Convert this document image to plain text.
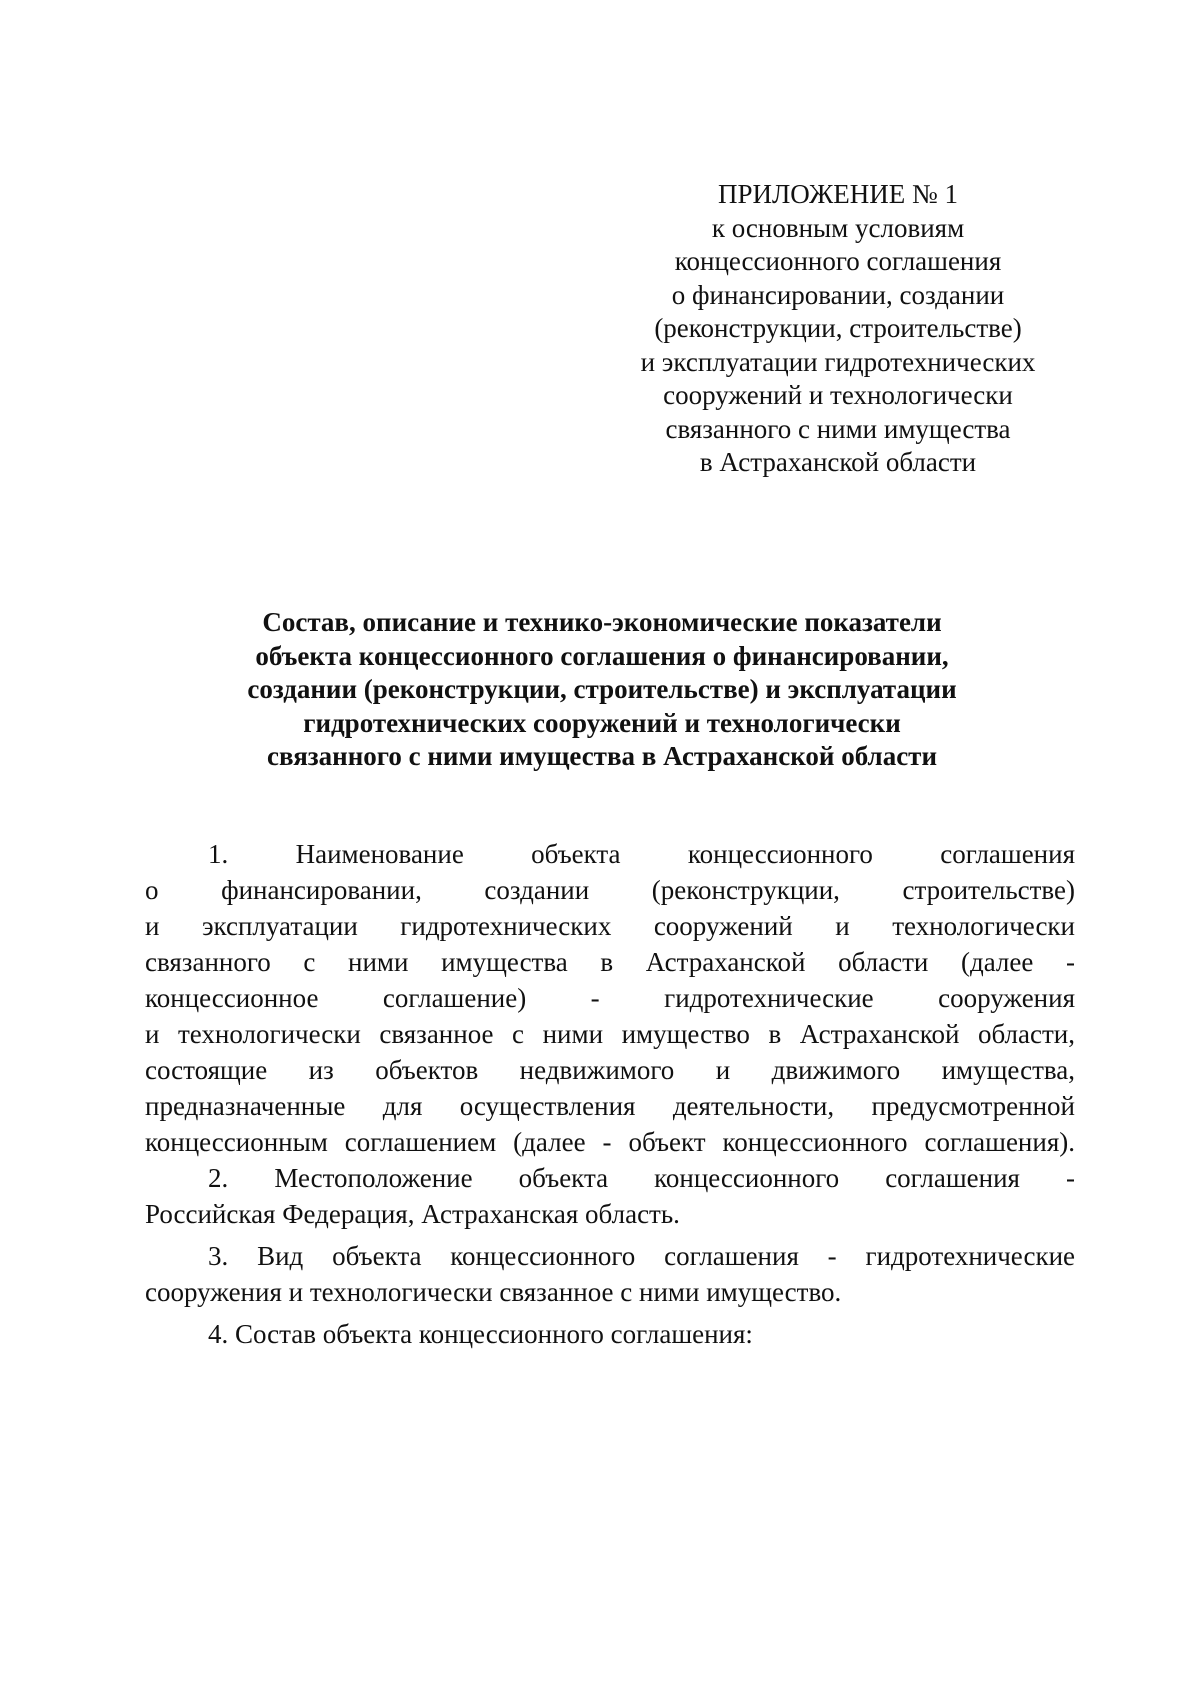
ПРИЛОЖЕНИЕ № 1
к основным условиям
концессионного соглашения
о финансировании, создании
(реконструкции, строительстве)
и эксплуатации гидротехнических
сооружений и технологически
связанного с ними имущества
в Астраханской области
Состав, описание и технико-экономические показатели
объекта концессионного соглашения о финансировании,
создании (реконструкции, строительстве) и эксплуатации
гидротехнических сооружений и технологически
связанного с ними имущества в Астраханской области
1. Наименование объекта концессионного соглашения
о финансировании, создании (реконструкции, строительстве)
и эксплуатации гидротехнических сооружений и технологически
связанного с ними имущества в Астраханской области (далее -
концессионное соглашение) - гидротехнические сооружения
и технологически связанное с ними имущество в Астраханской области,
состоящие из объектов недвижимого и движимого имущества,
предназначенные для осуществления деятельности, предусмотренной
концессионным соглашением (далее - объект концессионного соглашения).
2. Местоположение объекта концессионного соглашения -
Российская Федерация, Астраханская область.
3. Вид объекта концессионного соглашения - гидротехнические
сооружения и технологически связанное с ними имущество.
4. Состав объекта концессионного соглашения:
